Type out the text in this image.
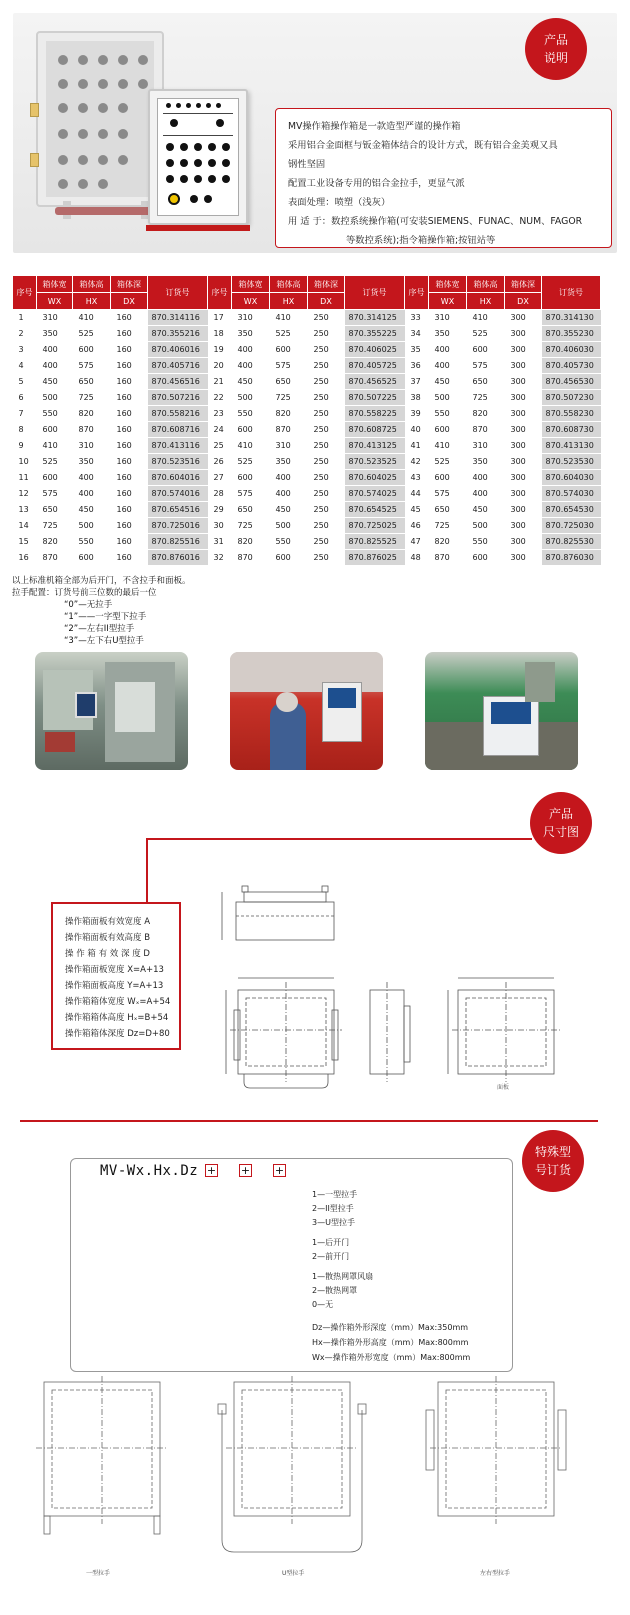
产品
说明

MV操作箱操作箱是一款造型严谨的操作箱

采用铝合金面框与钣金箱体结合的设计方式，既有铝合金美观又具

钢性坚固

配置工业设备专用的铝合金拉手，更显气派

表面处理：喷塑（浅灰）

用 适 于：数控系统操作箱(可安装SIEMENS、FUNAC、NUM、FAGOR

等数控系统);指令箱操作箱;按钮站等

序号	箱体宽	箱体高	箱体深	订货号	序号	箱体宽	箱体高	箱体深	订货号	序号	箱体宽	箱体高	箱体深	订货号
	WX	HX	DX			WX	HX	DX			WX	HX	DX	
1	310	410	160	870.314116	17	310	410	250	870.314125	33	310	410	300	870.314130
2	350	525	160	870.355216	18	350	525	250	870.355225	34	350	525	300	870.355230
3	400	600	160	870.406016	19	400	600	250	870.406025	35	400	600	300	870.406030
4	400	575	160	870.405716	20	400	575	250	870.405725	36	400	575	300	870.405730
5	450	650	160	870.456516	21	450	650	250	870.456525	37	450	650	300	870.456530
6	500	725	160	870.507216	22	500	725	250	870.507225	38	500	725	300	870.507230
7	550	820	160	870.558216	23	550	820	250	870.558225	39	550	820	300	870.558230
8	600	870	160	870.608716	24	600	870	250	870.608725	40	600	870	300	870.608730
9	410	310	160	870.413116	25	410	310	250	870.413125	41	410	310	300	870.413130
10	525	350	160	870.523516	26	525	350	250	870.523525	42	525	350	300	870.523530
11	600	400	160	870.604016	27	600	400	250	870.604025	43	600	400	300	870.604030
12	575	400	160	870.574016	28	575	400	250	870.574025	44	575	400	300	870.574030
13	650	450	160	870.654516	29	650	450	250	870.654525	45	650	450	300	870.654530
14	725	500	160	870.725016	30	725	500	250	870.725025	46	725	500	300	870.725030
15	820	550	160	870.825516	31	820	550	250	870.825525	47	820	550	300	870.825530
16	870	600	160	870.876016	32	870	600	250	870.876025	48	870	600	300	870.876030

以上标准机箱全部为后开门，不含拉手和面板。

拉手配置：订货号前三位数的最后一位

“0”—无拉手

“1”——一字型下拉手

“2”—左右II型拉手

“3”—左下右U型拉手

产品
尺寸图

操作箱面板有效宽度 A

操作箱面板有效高度 B

操 作 箱 有 效 深 度 D

操作箱面板宽度 X=A+13

操作箱面板高度 Y=A+13

操作箱箱体宽度 Wₓ=A+54

操作箱箱体高度 Hₓ=B+54

操作箱箱体深度 Dz=D+80

面板
特殊型
号订货
MV-Wx.Hx.Dz + + +

1—一型拉手

2—II型拉手

3—U型拉手

1—后开门

2—前开门

1—散热网罩风扇

2—散热网罩

0—无

Dz—操作箱外形深度（mm）Max:350mm

Hx—操作箱外形高度（mm）Max:800mm

Wx—操作箱外形宽度（mm）Max:800mm

一型拉手	U型拉手	左右型拉手
